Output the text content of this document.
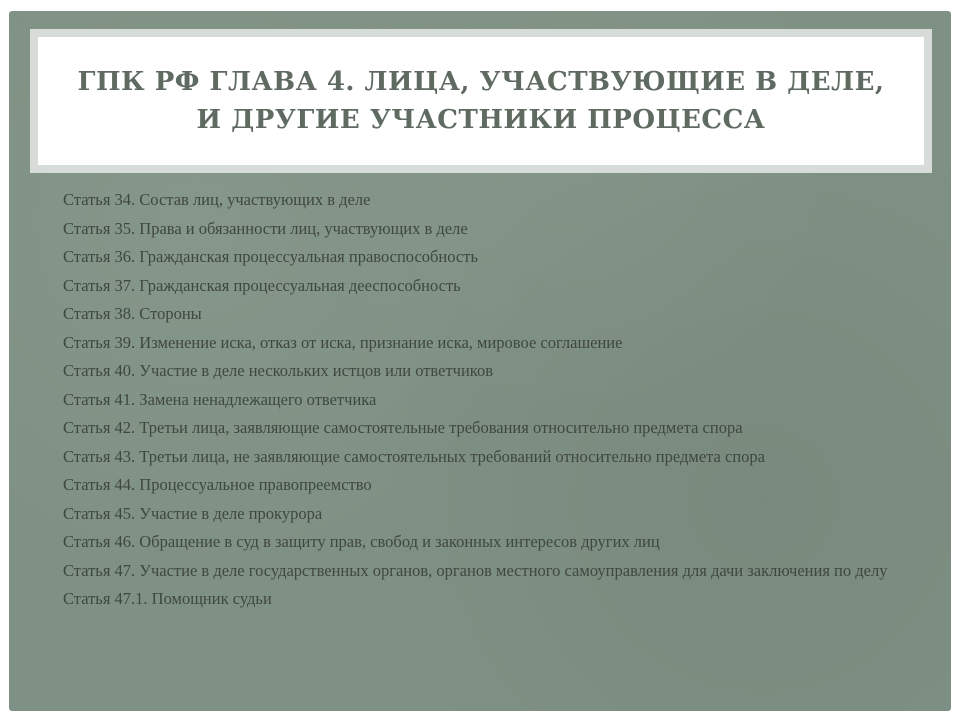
ГПК РФ ГЛАВА 4. ЛИЦА, УЧАСТВУЮЩИЕ В ДЕЛЕ,
И ДРУГИЕ УЧАСТНИКИ ПРОЦЕССА
Статья 34. Состав лиц, участвующих в деле
Статья 35. Права и обязанности лиц, участвующих в деле
Статья 36. Гражданская процессуальная правоспособность
Статья 37. Гражданская процессуальная дееспособность
Статья 38. Стороны
Статья 39. Изменение иска, отказ от иска, признание иска, мировое соглашение
Статья 40. Участие в деле нескольких истцов или ответчиков
Статья 41. Замена ненадлежащего ответчика
Статья 42. Третьи лица, заявляющие самостоятельные требования относительно предмета спора
Статья 43. Третьи лица, не заявляющие самостоятельных требований относительно предмета спора
Статья 44. Процессуальное правопреемство
Статья 45. Участие в деле прокурора
Статья 46. Обращение в суд в защиту прав, свобод и законных интересов других лиц
Статья 47. Участие в деле государственных органов, органов местного самоуправления для дачи заключения по делу
Статья 47.1. Помощник судьи
